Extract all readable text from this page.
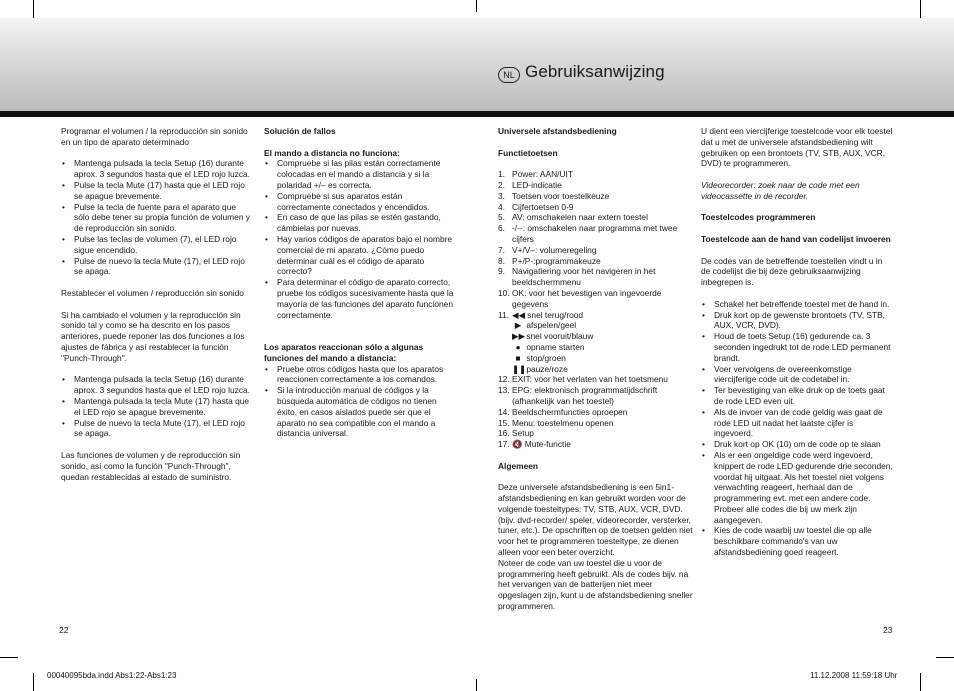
NL Gebruiksanwijzing

Programar el volumen / la reproducción sin sonido en un tipo de aparato determinado

• Mantenga pulsada la tecla Setup (16) durante aprox. 3 segundos hasta que el LED rojo luzca.
• Pulse la tecla Mute (17) hasta que el LED rojo se apague brevemente.
• Pulse la tecla de fuente para el aparato que sólo debe tener su propia función de volumen y de reproducción sin sonido.
• Pulse las teclas de volumen (7), el LED rojo sigue encendido.
• Pulse de nuevo la tecla Mute (17), el LED rojo se apaga.

Restablecer el volumen / reproducción sin sonido

Si ha cambiado el volumen y la reproducción sin sonido tal y como se ha descrito en los pasos anteriores, puede reponer las dos funciones a los ajustes de fábrica y así restablecer la función "Punch-Through".

• Mantenga pulsada la tecla Setup (16) durante aprox. 3 segundos hasta que el LED rojo luzca.
• Mantenga pulsada la tecla Mute (17) hasta que el LED rojo se apague brevemente.
• Pulse de nuevo la tecla Mute (17), el LED rojo se apaga.

Las funciones de volumen y de reproducción sin sonido, así como la función "Punch-Through", quedan restablecidas al estado de suministro.

Solución de fallos

El mando a distancia no funciona:

• Compruebe si las pilas están correctamente colocadas en el mando a distancia y si la polaridad +/– es correcta.
• Compruebe si sus aparatos están correctamente conectados y encendidos.
• En caso de que las pilas se estén gastando, cámbielas por nuevas.
• Hay varios códigos de aparatos bajo el nombre comercial de mi aparato. ¿Cómo puedo determinar cuál es el código de aparato correcto?
• Para determinar el código de aparato correcto, pruebe los códigos sucesivamente hasta que la mayoría de las funciones del aparato funcionen correctamente.

Los aparatos reaccionan sólo a algunas funciones del mando a distancia:

• Pruebe otros códigos hasta que los aparatos reaccionen correctamente a los comandos.
• Si la introducción manual de códigos y la búsqueda automática de códigos no tienen éxito, en casos aislados puede ser que el aparato no sea compatible con el mando a distancia universal.

Universele afstandsbediening

Functietoetsen

1. Power: AAN/UIT
2. LED-indicatie
3. Toetsen voor toestelkeuze
4. Cijfertoetsen 0-9
5. AV: omschakelen naar extern toestel
6. -/--: omschakelen naar programma met twee cijfers
7. V+/V–: volumeregeling
8. P+/P-:programmakeuze
9. Navigatiering voor het navigeren in het beeldschermmenu
10. OK: voor het bevestigen van ingevoerde gegevens
11. ◀◀ snel terug/rood
▶ afspelen/geel
▶▶ snel vooruit/blauw
● opname starten
■ stop/groen
❚❚ pauze/roze
12. EXIT: voor het verlaten van het toetsmenu
13. EPG: elektronisch programmatijdschrift (afhankelijk van het toestel)
14. Beeldschermfuncties oproepen
15. Menu: toestelmenu openen
16. Setup
17. 🔇 Mute-functie

Algemeen

Deze universele afstandsbediening is een 5in1-afstandsbediening en kan gebruikt worden voor de volgende toesteltypes: TV, STB, AUX, VCR, DVD. (bijv. dvd-recorder/ speler, videorecorder, versterker, tuner, etc.). De opschriften op de toetsen gelden niet voor het te programmeren toesteltype, ze dienen alleen voor een beter overzicht.

Noteer de code van uw toestel die u voor de programmering heeft gebruikt. Als de codes bijv. na het vervangen van de batterijen niet meer opgeslagen zijn, kunt u de afstandsbediening sneller programmeren.

U dient een viercijferige toestelcode voor elk toestel dat u met de universele afstandsbediening wilt gebruiken op een brontoets (TV, STB, AUX, VCR, DVD) te programmeren.

Videorecorder: zoek naar de code met een videocassette in de recorder.

Toestelcodes programmeren

Toestelcode aan de hand van codelijst invoeren

De codes van de betreffende toestellen vindt u in de codelijst die bij deze gebruiksaanwijzing inbegrepen is.

• Schakel het betreffende toestel met de hand in.
• Druk kort op de gewenste brontoets (TV, STB, AUX, VCR, DVD).
• Houd de toets Setup (16) gedurende ca. 3 seconden ingedrukt tot de rode LED permanent brandt.
• Voer vervolgens de overeenkomstige viercijferige code uit de codetabel in.
• Ter bevestiging van elke druk op de toets gaat de rode LED even uit.
• Als de invoer van de code geldig was gaat de rode LED uit nadat het laatste cijfer is ingevoerd.
• Druk kort op OK (10) om de code op te slaan
• Als er een ongeldige code werd ingevoerd, knippert de rode LED gedurende drie seconden, voordat hij uitgaat. Als het toestel niet volgens verwachting reageert, herhaal dan de programmering evt. met een andere code. Probeer alle codes die bij uw merk zijn aangegeven.
• Kies de code waarbij uw toestel die op alle beschikbare commando's van uw afstandsbediening goed reageert.
22	23
00040095bda.indd Abs1:22-Abs1:23	11.12.2008 11:59:18 Uhr
